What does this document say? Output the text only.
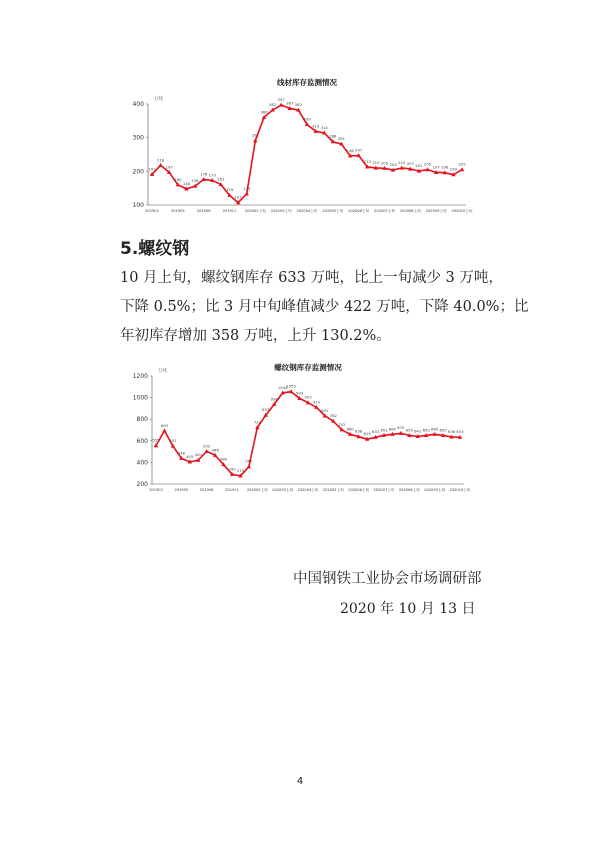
线材库存监测情况
万吨
100
200
300
400
201902	201905	201908	201911 202002上旬 202003上旬 202004上旬 202005上旬 202006上旬 202007上旬 202008上旬 202009上旬 202010上旬
191
218
197
160
148
156
176 173
161
129
107
133
291
360
382
397
387 382
339
319 314
288 281
246 247
213 210 209 204 210 207 201 205
197 196 190
205
5.螺纹钢

10 月上旬，螺纹钢库存 633 万吨，比上一旬减少 3 万吨，

下降 0.5%；比 3 月中旬峰值减少 422 万吨，下降 40.0%；比

年初库存增加 358 万吨，上升 130.2%。

螺纹钢库存监测情况
万吨
200
400
600
800
1000
1200
201902	201905	201908	201911 202002上旬 202003上旬 202004上旬 202005上旬 202006上旬 202007上旬 202008上旬 202009上旬 202010上旬
555
693
552
438
405 420
502
466
380
290 275
360
723
837
938
1044
1055
993
953
910
831
782
702
660 638 615 633 651 660 670 650 641 650 660 650 636 633
中国钢铁工业协会市场调研部
2020 年 10 月 13 日
4
